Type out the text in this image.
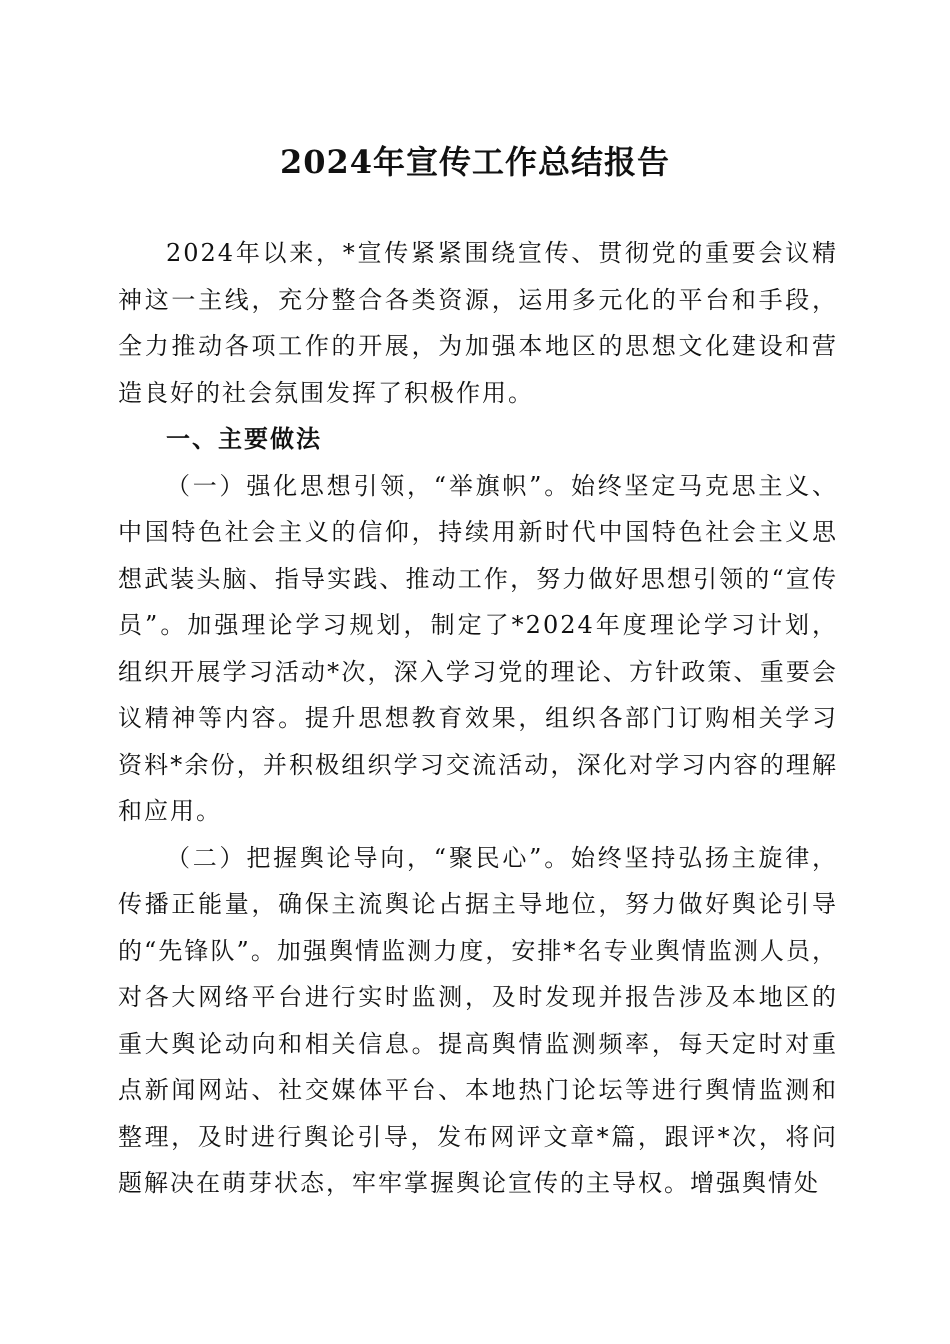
2024年宣传工作总结报告

2024年以来，*宣传紧紧围绕宣传、贯彻党的重要会议精神这一主线，充分整合各类资源，运用多元化的平台和手段，全力推动各项工作的开展，为加强本地区的思想文化建设和营造良好的社会氛围发挥了积极作用。

一、主要做法

（一）强化思想引领，“举旗帜”。始终坚定马克思主义、中国特色社会主义的信仰，持续用新时代中国特色社会主义思想武装头脑、指导实践、推动工作，努力做好思想引领的“宣传员”。加强理论学习规划，制定了*2024年度理论学习计划，组织开展学习活动*次，深入学习党的理论、方针政策、重要会议精神等内容。提升思想教育效果，组织各部门订购相关学习资料*余份，并积极组织学习交流活动，深化对学习内容的理解和应用。

（二）把握舆论导向，“聚民心”。始终坚持弘扬主旋律，传播正能量，确保主流舆论占据主导地位，努力做好舆论引导的“先锋队”。加强舆情监测力度，安排*名专业舆情监测人员，对各大网络平台进行实时监测，及时发现并报告涉及本地区的重大舆论动向和相关信息。提高舆情监测频率，每天定时对重点新闻网站、社交媒体平台、本地热门论坛等进行舆情监测和整理，及时进行舆论引导，发布网评文章*篇，跟评*次，将问题解决在萌芽状态，牢牢掌握舆论宣传的主导权。增强舆情处
